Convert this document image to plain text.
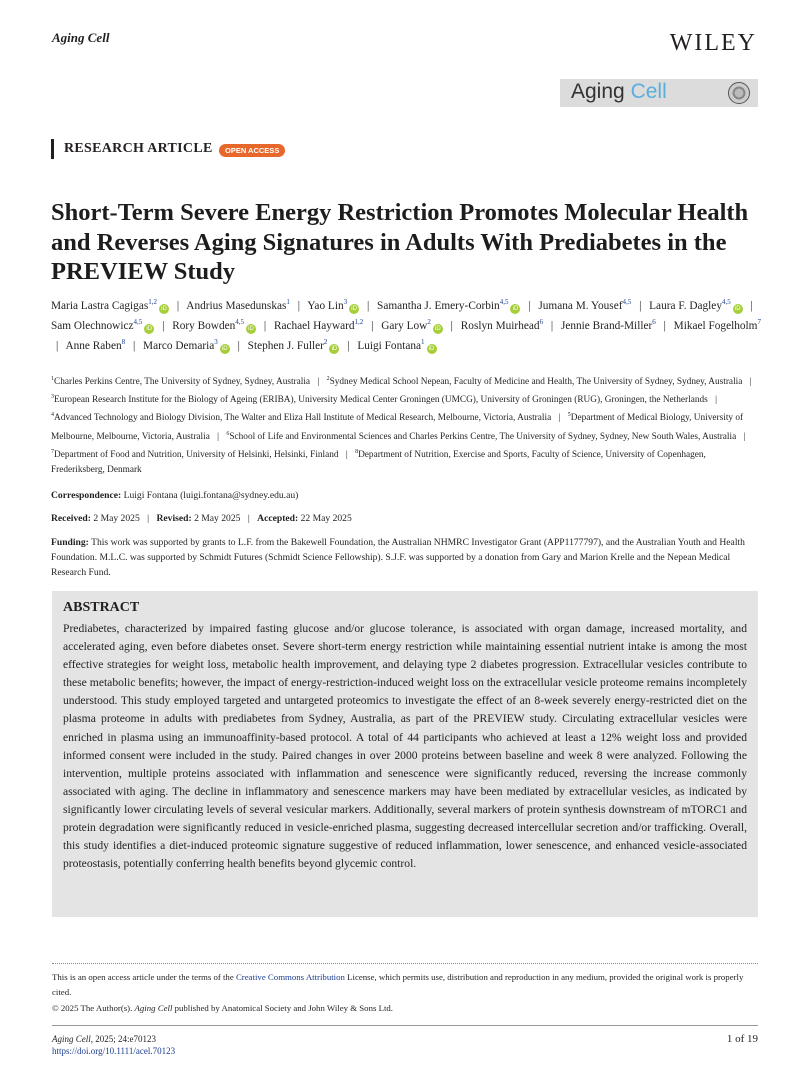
Aging Cell	WILEY
Aging Cell
RESEARCH ARTICLE	OPEN ACCESS
Short-Term Severe Energy Restriction Promotes Molecular Health and Reverses Aging Signatures in Adults With Prediabetes in the PREVIEW Study
Maria Lastra Cagigas$^{1,2}$iD | Andrius Masedunskas$^1$ | Yao Lin$^3$iD | Samantha J. Emery-Corbin$^{4,5}$iD | Jumana M. Yousef$^{4,5}$ | Laura F. Dagley$^{4,5}$iD | Sam Olechnowicz$^{4,5}$iD | Rory Bowden$^{4,5}$iD | Rachael Hayward$^{1,2}$ | Gary Low$^2$iD | Roslyn Muirhead$^6$ | Jennie Brand-Miller$^6$ | Mikael Fogelholm$^7$ | Anne Raben$^8$ | Marco Demaria$^3$iD | Stephen J. Fuller$^2$iD | Luigi Fontana$^1$iD
$^1$Charles Perkins Centre, The University of Sydney, Sydney, Australia | $^2$Sydney Medical School Nepean, Faculty of Medicine and Health, The University of Sydney, Sydney, Australia | $^3$European Research Institute for the Biology of Ageing (ERIBA), University Medical Center Groningen (UMCG), University of Groningen (RUG), Groningen, the Netherlands | $^4$Advanced Technology and Biology Division, The Walter and Eliza Hall Institute of Medical Research, Melbourne, Victoria, Australia | $^5$Department of Medical Biology, University of Melbourne, Melbourne, Victoria, Australia | $^6$School of Life and Environmental Sciences and Charles Perkins Centre, The University of Sydney, Sydney, New South Wales, Australia | $^7$Department of Food and Nutrition, University of Helsinki, Helsinki, Finland | $^8$Department of Nutrition, Exercise and Sports, Faculty of Science, University of Copenhagen, Frederiksberg, Denmark
Correspondence: Luigi Fontana (luigi.fontana@sydney.edu.au)
Received: 2 May 2025 | Revised: 2 May 2025 | Accepted: 22 May 2025
Funding: This work was supported by grants to L.F. from the Bakewell Foundation, the Australian NHMRC Investigator Grant (APP1177797), and the Australian Youth and Health Foundation. M.L.C. was supported by Schmidt Futures (Schmidt Science Fellowship). S.J.F. was supported by a donation from Gary and Marion Krelle and the Nepean Medical Research Fund.
ABSTRACT
Prediabetes, characterized by impaired fasting glucose and/or glucose tolerance, is associated with organ damage, increased mortality, and accelerated aging, even before diabetes onset. Severe short-term energy restriction while maintaining essential nutrient intake is among the most effective strategies for weight loss, metabolic health improvement, and delaying type 2 diabetes progression. Extracellular vesicles contribute to these metabolic benefits; however, the impact of energy-restriction-induced weight loss on the extracellular vesicle proteome remains incompletely understood. This study employed targeted and untargeted proteomics to investigate the effect of an 8-week severely energy-restricted diet on the plasma proteome in adults with prediabetes from Sydney, Australia, as part of the PREVIEW study. Circulating extracellular vesicles were enriched in plasma using an immunoaffinity-based protocol. A total of 44 participants who achieved at least a 12% weight loss and provided informed consent were included in the study. Paired changes in over 2000 proteins between baseline and week 8 were analyzed. Following the intervention, multiple proteins associated with inflammation and senescence were significantly reduced, reversing the increase commonly associated with aging. The decline in inflammatory and senescence markers may have been mediated by extracellular vesicles, as indicated by significantly lower circulating levels of several vesicular markers. Additionally, several markers of protein synthesis downstream of mTORC1 and protein degradation were significantly reduced in vesicle-enriched plasma, suggesting decreased intercellular secretion and/or trafficking. Overall, this study identifies a diet-induced proteomic signature suggestive of reduced inflammation, lower senescence, and enhanced vesicle-associated proteostasis, potentially conferring health benefits beyond glycemic control.
This is an open access article under the terms of the Creative Commons Attribution License, which permits use, distribution and reproduction in any medium, provided the original work is properly cited.
© 2025 The Author(s). Aging Cell published by Anatomical Society and John Wiley & Sons Ltd.
Aging Cell, 2025; 24:e70123
https://doi.org/10.1111/acel.70123
1 of 19
